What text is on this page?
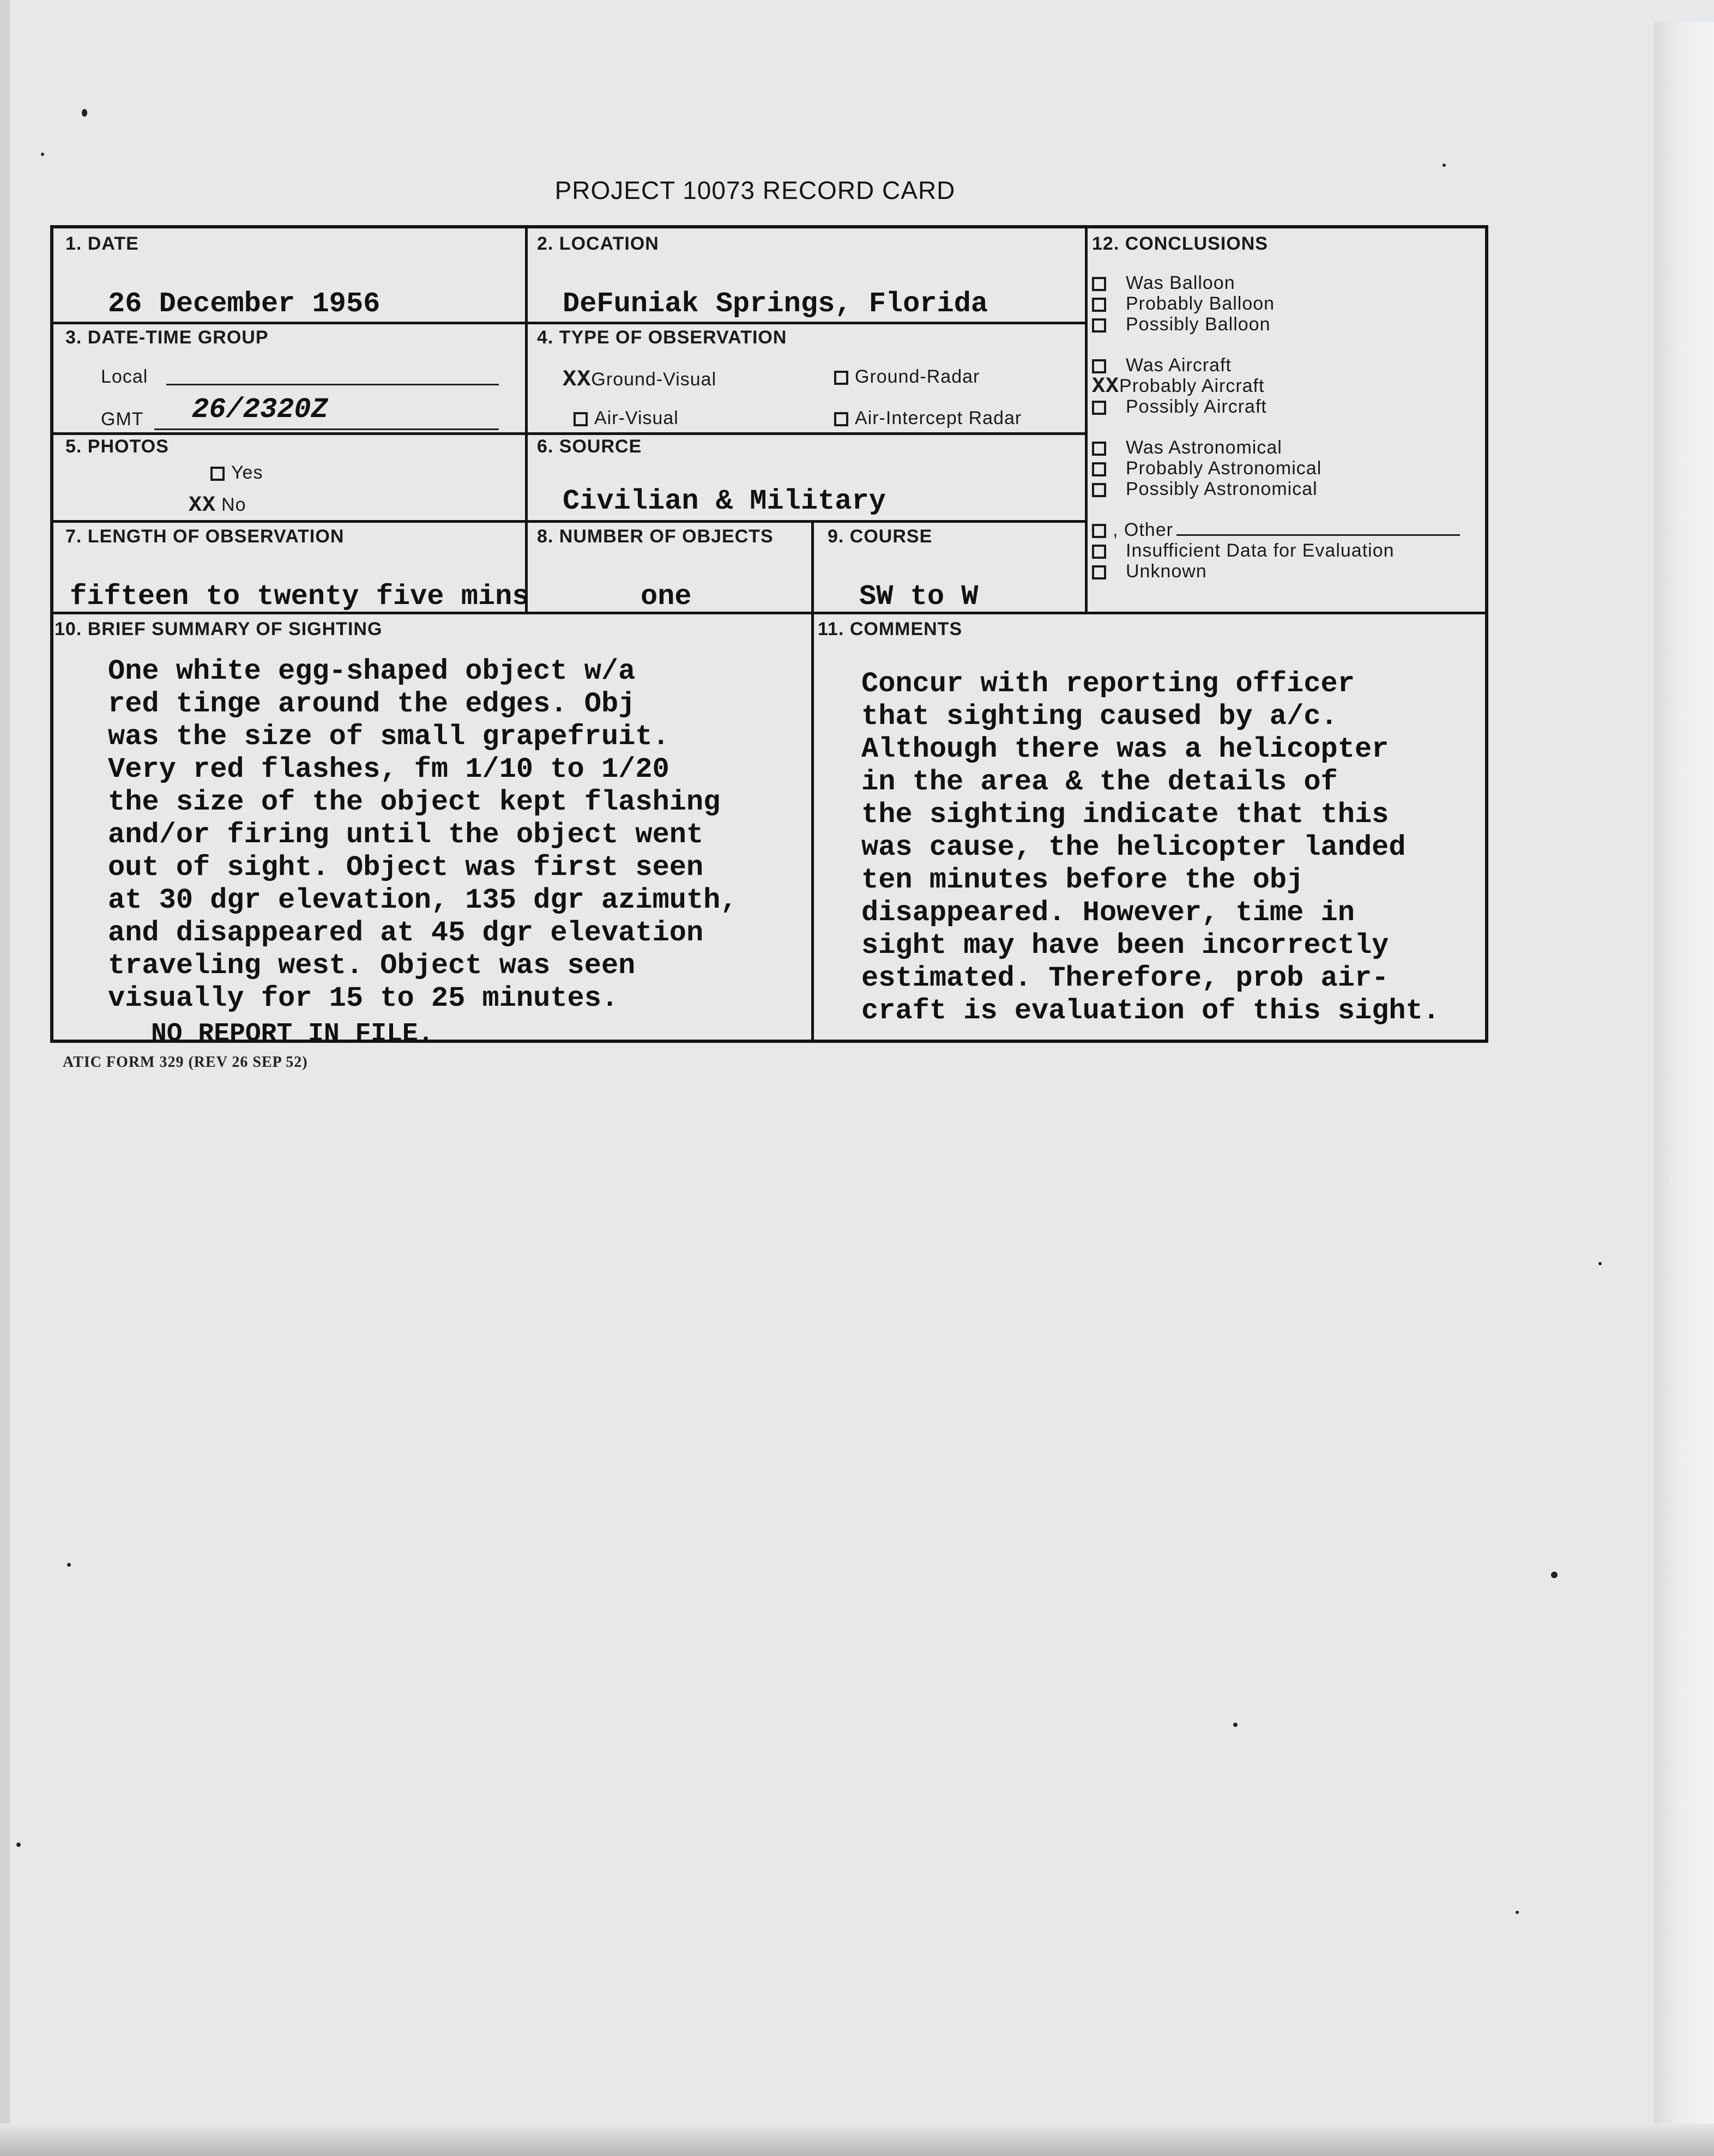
PROJECT 10073 RECORD CARD
1. DATE
26 December 1956
2. LOCATION
DeFuniak Springs, Florida
3. DATE-TIME GROUP
Local
GMT 26/2320Z
4. TYPE OF OBSERVATION
XXGround-Visual	Ground-Radar
Air-Visual	Air-Intercept Radar
5. PHOTOS
Yes
XX No
6. SOURCE
Civilian & Military
7. LENGTH OF OBSERVATION
fifteen to twenty five mins
8. NUMBER OF OBJECTS
one
9. COURSE
SW to W
12. CONCLUSIONS
Was Balloon
Probably Balloon
Possibly Balloon
Was Aircraft
XXProbably Aircraft
Possibly Aircraft
Was Astronomical
Probably Astronomical
Possibly Astronomical
, Other
Insufficient Data for Evaluation
Unknown
10. BRIEF SUMMARY OF SIGHTING
One white egg-shaped object w/a
red tinge around the edges. Obj
was the size of small grapefruit.
Very red flashes, fm 1/10 to 1/20
the size of the object kept flashing
and/or firing until the object went
out of sight. Object was first seen
at 30 dgr elevation, 135 dgr azimuth,
and disappeared at 45 dgr elevation
traveling west. Object was seen
visually for 15 to 25 minutes.
NO REPORT IN FILE.
11. COMMENTS
Concur with reporting officer
that sighting caused by a/c.
Although there was a helicopter
in the area & the details of
the sighting indicate that this
was cause, the helicopter landed
ten minutes before the obj
disappeared. However, time in
sight may have been incorrectly
estimated. Therefore, prob air-
craft is evaluation of this sight.
ATIC FORM 329 (REV 26 SEP 52)
